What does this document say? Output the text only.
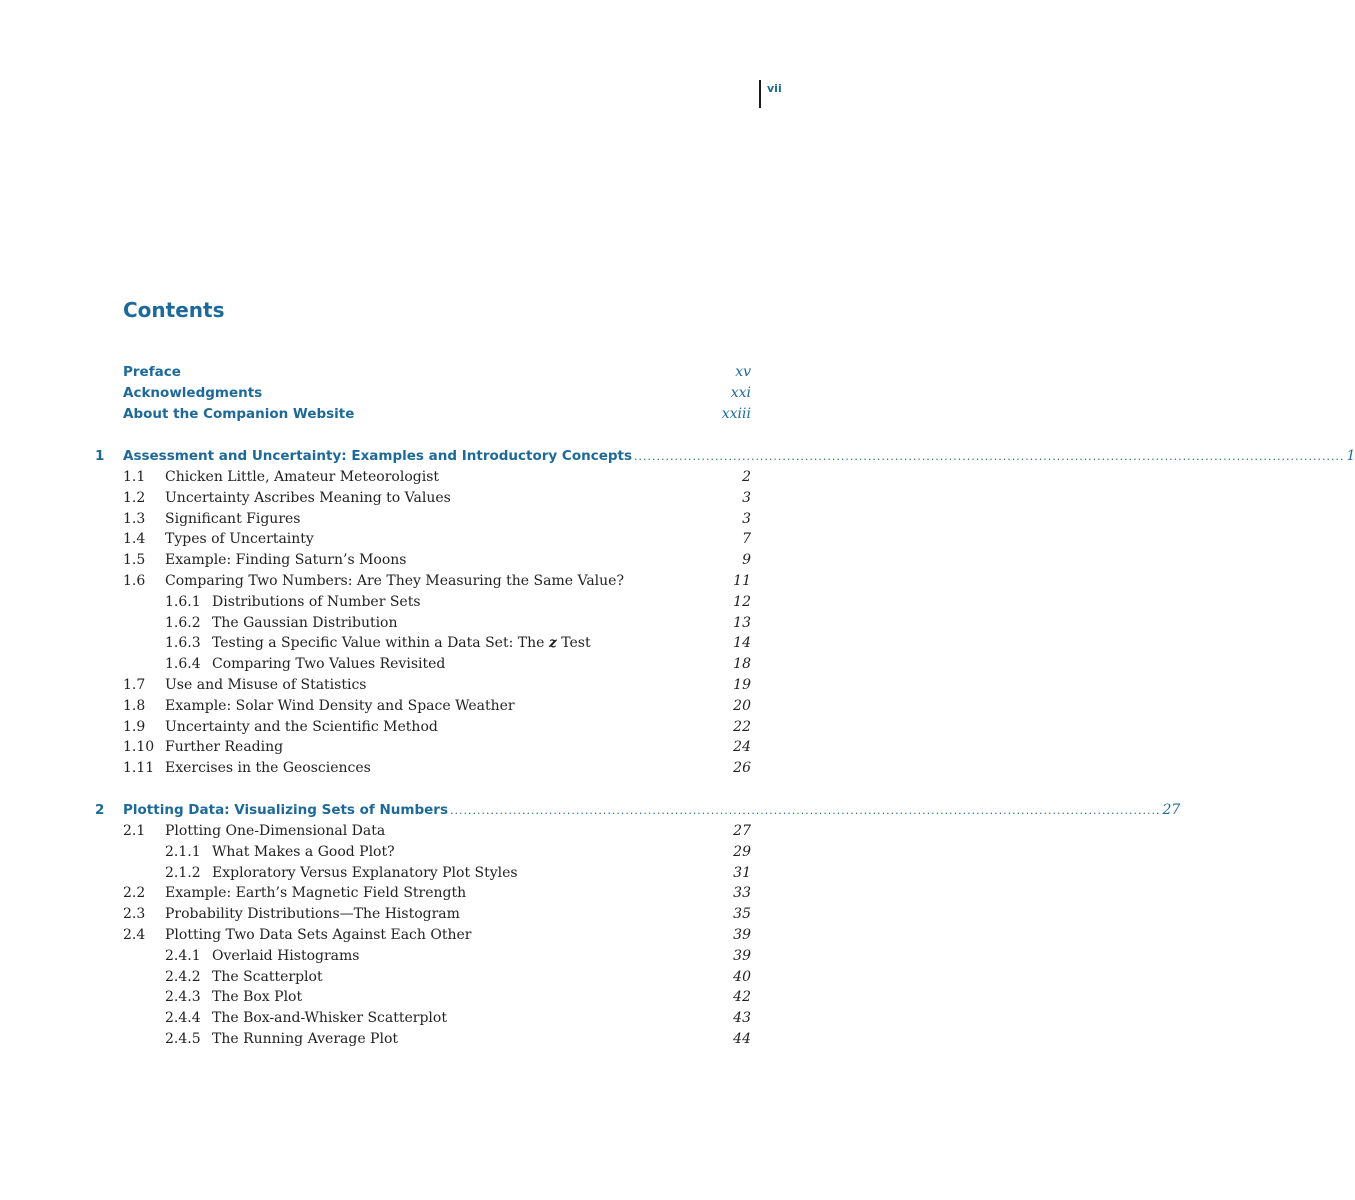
vii
Contents
Preface	xv
Acknowledgments	xxi
About the Companion Website	xxiii
1	Assessment and Uncertainty: Examples and Introductory Concepts .............................................................................................................................................................. 1
1.1	Chicken Little, Amateur Meteorologist	2
1.2	Uncertainty Ascribes Meaning to Values	3
1.3	Significant Figures	3
1.4	Types of Uncertainty	7
1.5	Example: Finding Saturn’s Moons	9
1.6	Comparing Two Numbers: Are They Measuring the Same Value?	11
1.6.1 Distributions of Number Sets	12
1.6.2 The Gaussian Distribution	13
1.6.3 Testing a Specific Value within a Data Set: The z Test	14
1.6.4 Comparing Two Values Revisited	18
1.7	Use and Misuse of Statistics	19
1.8	Example: Solar Wind Density and Space Weather	20
1.9	Uncertainty and the Scientific Method	22
1.10 Further Reading	24
1.11 Exercises in the Geosciences	26
2	Plotting Data: Visualizing Sets of Numbers .............................................................................................................................................................. 27
2.1	Plotting One-Dimensional Data	27
2.1.1 What Makes a Good Plot?	29
2.1.2 Exploratory Versus Explanatory Plot Styles	31
2.2	Example: Earth’s Magnetic Field Strength	33
2.3	Probability Distributions—The Histogram	35
2.4	Plotting Two Data Sets Against Each Other	39
2.4.1 Overlaid Histograms	39
2.4.2 The Scatterplot	40
2.4.3 The Box Plot	42
2.4.4 The Box-and-Whisker Scatterplot	43
2.4.5 The Running Average Plot	44
